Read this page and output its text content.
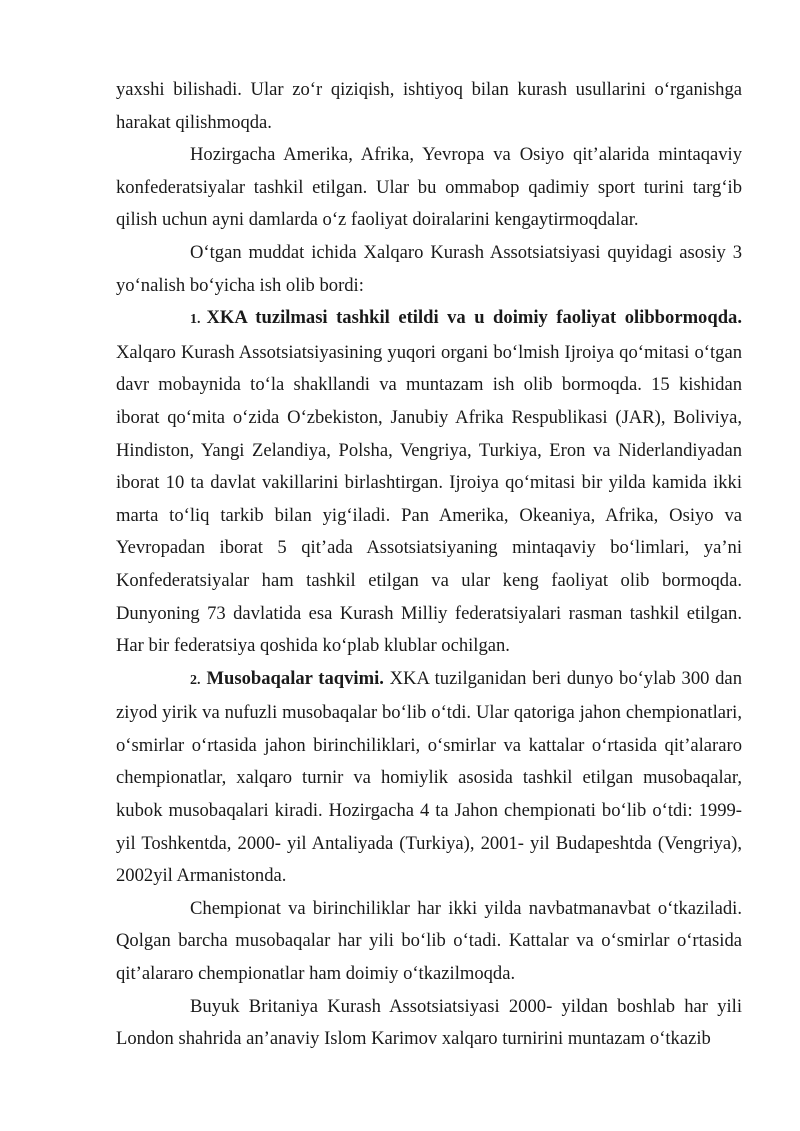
yaxshi bilishadi. Ular zo‘r qiziqish, ishtiyoq bilan kurash usullarini o‘rganishga harakat qilishmoqda.

Hozirgacha Amerika, Afrika, Yevropa va Osiyo qit’alarida mintaqaviy konfederatsiyalar tashkil etilgan. Ular bu ommabop qadimiy sport turini targ‘ib qilish uchun ayni damlarda o‘z faoliyat doiralarini kengaytirmoqdalar.

O‘tgan muddat ichida Xalqaro Kurash Assotsiatsiyasi quyidagi asosiy 3 yo‘nalish bo‘yicha ish olib bordi:

1. XKA tuzilmasi tashkil etildi va u doimiy faoliyat olibbormoqda. Xalqaro Kurash Assotsiatsiyasining yuqori organi bo‘lmish Ijroiya qo‘mitasi o‘tgan davr mobaynida to‘la shakllandi va muntazam ish olib bormoqda. 15 kishidan iborat qo‘mita o‘zida O‘zbekiston, Janubiy Afrika Respublikasi (JAR), Boliviya, Hindiston, Yangi Zelandiya, Polsha, Vengriya, Turkiya, Eron va Niderlandiyadan iborat 10 ta davlat vakillarini birlashtirgan. Ijroiya qo‘mitasi bir yilda kamida ikki marta to‘liq tarkib bilan yig‘iladi. Pan Amerika, Okeaniya, Afrika, Osiyo va Yevropadan iborat 5 qit’ada Assotsiatsiyaning mintaqaviy bo‘limlari, ya’ni Konfederatsiyalar ham tashkil etilgan va ular keng faoliyat olib bormoqda. Dunyoning 73 davlatida esa Kurash Milliy federatsiyalari rasman tashkil etilgan. Har bir federatsiya qoshida ko‘plab klublar ochilgan.

2. Musobaqalar taqvimi. XKA tuzilganidan beri dunyo bo‘ylab 300 dan ziyod yirik va nufuzli musobaqalar bo‘lib o‘tdi. Ular qatoriga jahon chempionatlari, o‘smirlar o‘rtasida jahon birinchiliklari, o‘smirlar va kattalar o‘rtasida qit’alararo chempionatlar, xalqaro turnir va homiylik asosida tashkil etilgan musobaqalar, kubok musobaqalari kiradi. Hozirgacha 4 ta Jahon chempionati bo‘lib o‘tdi: 1999- yil Toshkentda, 2000- yil Antaliyada (Turkiya), 2001- yil Budapeshtda (Vengriya), 2002yil Armanistonda.

Chempionat va birinchiliklar har ikki yilda navbatmanavbat o‘tkaziladi. Qolgan barcha musobaqalar har yili bo‘lib o‘tadi. Kattalar va o‘smirlar o‘rtasida qit’alararo chempionatlar ham doimiy o‘tkazilmoqda.

Buyuk Britaniya Kurash Assotsiatsiyasi 2000- yildan boshlab har yili London shahrida an’anaviy Islom Karimov xalqaro turnirini muntazam o‘tkazib
